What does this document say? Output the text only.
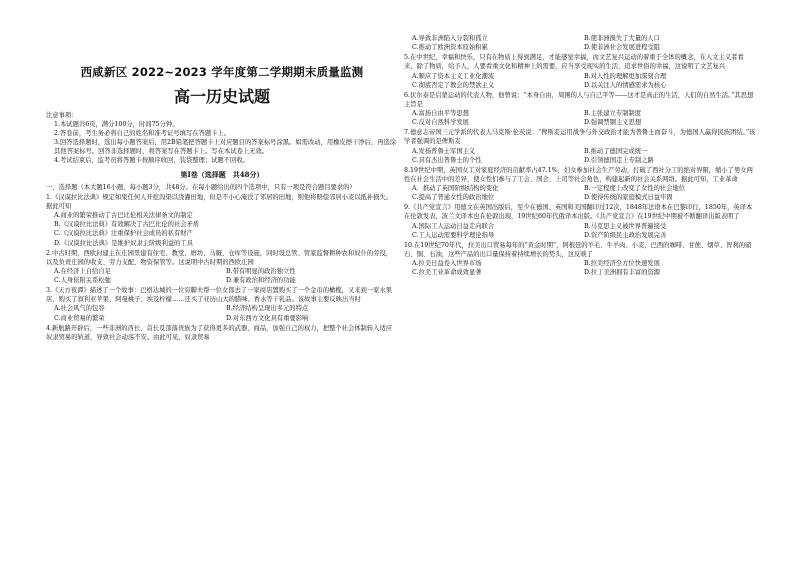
西咸新区 2022~2023 学年度第二学期期末质量监测
高一历史试题
注意事项：
1.本试题共6页，满分100分，时间75分钟。
2.答卷前，考生务必将自己的姓名和准考证号填写在答题卡上。
3.回答选择题时，选出每小题答案后，用2B铅笔把答题卡上对应题目的答案标号涂黑。如需改动，用橡皮擦干净后，再选涂其他答案标号。回答非选择题时，将答案写在答题卡上。写在本试卷上无效。
4.考试结束后，监考员将答题卡按顺序收回，装袋整理；试题不回收。
第Ⅰ卷（选择题　共48分）
一、选择题（本大题16小题，每小题3分，共48分。在每小题给出的四个选项中，只有一项是符合题目要求的）
1.《汉谟拉比法典》规定如果任何人开挖沟渠以浇灌田地，但是不小心淹没了邻居的田地，则他将赔偿邻居小麦以抵补损失。据此可知
A.商业的繁荣推动了古巴比伦相关法律条文的制定
B.《汉谟拉比法典》有效解决了古巴比伦的社会矛盾
C.《汉谟拉比法典》注重保护社会成员的私有财产
D.《汉谟拉比法典》是维护奴隶主阶级利益的工具
2.中古时期，西欧封建主在庄园里建有住宅、教堂、磨坊、马厩、仓库等设施，同时设总管、管家监督耕种农和奴仆的劳役，以及负责庄园的收支、劳力支配、物资保管等。这说明中古时期的西欧庄园
A.在经济上自给自足	B.带有明显的政治独立性
C.人身依附关系松弛	D.兼有政治和经济的功能
3.《天方夜谭》描述了一个故事：巴格达城的一位穷脚夫帮一位女郎去了一家商店置购买了一个金币的橄榄，又来到一家水果店，购买了叙利亚苹果、阿曼桃子、埃及柠檬……还买了亚历山大的腊味、香水等干乳品。该故事主要反映出当时
A.社会风气的包容	B.经济结构呈现出多元的特点
C.商业贸易的繁荣	D.对东西方文化具有重要影响
4.新航路开辟后，一些非洲的酋长、首长及部落贵族为了获得更多的武器、商品，加强自己的权力，把整个社会体制转入适应奴隶贸易的轨道，导致社会动荡不安。由此可见，奴隶贸易
A.导致非洲陷入分裂和孤立	B.使非洲损失了大量的人口
C.推动了欧洲资本原始积累	D.使非洲社会发展进程受阻
5.在中世纪，幸福和快乐，只有在物质上得到满足，才能感觉幸福，而文艺复兴运动的着重于全体的概念，在人文主义者看来，除了物质，给予人，人要看重文化和精神上的需要，应当享受现实的生活，追求世俗的幸福，这说明了文艺复兴
A.顺应了资本主义工业化潮流	B.对人性的理解更加深刻合理
C.彻底否定了教会的禁欲主义	D.以关注人的情感需求为核心
6.伏尔泰是启蒙运动的代表人物，他曾说：“本身自由，周围的人与自己平等——这才是真正的生活，人们的自然生活。”其思想主旨是
A.富扬自由平等思想	B.主张建立专制制度
C.反对自然科学发展	D.强调禁锢主义思想
7.德意志帝国三元学派的代表人马克斯·伦茨说：“俾斯麦运用战争与外交政治才能为普鲁士而奋斗，为德国人赢得民族团结。”该学者强调的是俾斯麦
A.发扬普鲁士军国主义	B.推动了德国完成统一
C.具有杰出普鲁士的个性	D.引领德国走上专制之路
8.19世纪中期，英国女工对家庭经济的贡献率占47.1%，妇女参加社会生产劳动，打破了西社分工的绝对界限，缩小了男女两性在社会生活中的差异，使女性们参与了工会、国会、上司等社会角色，构建起新的社会关系网络。据此可知，工业革命
A．推动了英国阶级结构的变化	B.一定程度上改变了女性的社会地位
C.提高了普通女性的政治地位	D.使得传统的家庭模式日益牢固
9.《共产党宣言》用德文在英国出版后，至少在德国、英国和美国翻印过12次，1848年法语本在巴黎印行，1850年，英译本在伦敦发表，波兰文译本也在伦敦出现，19世纪60年代俄译本出版。《共产党宣言》在19世纪中期被不断翻译出版表明了
A.国际工人运动日益走向联合	B.马克思主义被世界普遍接受
C.工人运动需要科学理论指导	D.资产阶级民主政治发展完善
10.在19世纪70年代，拉美出口贸易每年的“黄金时期”，阿根廷的羊毛、牛羊肉、小麦，巴西的咖啡、甘蔗、烟草、智利的硝石、铜、石油，这些产品的出口量保持着持续增长的势头，这反映了
A.拉美日益卷入世界市场	B.拉美经济全方位快速发展
C.拉美工业革命成效显著	D.拉丁美洲拥有丰富的资源
